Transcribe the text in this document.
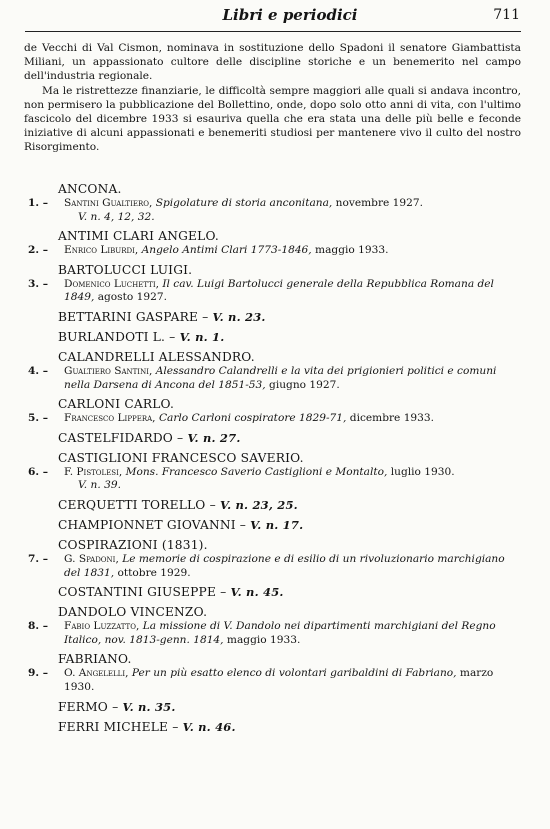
Libri e periodici	711

de Vecchi di Val Cismon, nominava in sostituzione dello Spadoni il senatore Giambattista Miliani, un appassionato cultore delle discipline storiche e un benemerito nel campo dell'industria regionale.

Ma le ristrettezze finanziarie, le difficoltà sempre maggiori alle quali si andava incontro, non permisero la pubblicazione del Bollettino, onde, dopo solo otto anni di vita, con l'ultimo fascicolo del dicembre 1933 si esauriva quella che era stata una delle più belle e feconde iniziative di alcuni appassionati e benemeriti studiosi per mantenere vivo il culto del nostro Risorgimento.

ANCONA.
1. – Santini Gualtiero, Spigolature di storia anconitana, novembre 1927.
V. n. 4, 12, 32.
ANTIMI CLARI ANGELO.
2. – Enrico Liburdi, Angelo Antimi Clari 1773-1846, maggio 1933.
BARTOLUCCI LUIGI.
3. – Domenico Luchetti, Il cav. Luigi Bartolucci generale della Repubblica Romana del 1849, agosto 1927.
BETTARINI GASPARE – V. n. 23.
BURLANDOTI L. – V. n. 1.
CALANDRELLI ALESSANDRO.
4. – Gualtiero Santini, Alessandro Calandrelli e la vita dei prigionieri politici e comuni nella Darsena di Ancona del 1851-53, giugno 1927.
CARLONI CARLO.
5. – Francesco Lippera, Carlo Carloni cospiratore 1829-71, dicembre 1933.
CASTELFIDARDO – V. n. 27.
CASTIGLIONI FRANCESCO SAVERIO.
6. – F. Pistolesi, Mons. Francesco Saverio Castiglioni e Montalto, luglio 1930.
V. n. 39.
CERQUETTI TORELLO – V. n. 23, 25.
CHAMPIONNET GIOVANNI – V. n. 17.
COSPIRAZIONI (1831).
7. – G. Spadoni, Le memorie di cospirazione e di esilio di un rivoluzionario marchigiano del 1831, ottobre 1929.
COSTANTINI GIUSEPPE – V. n. 45.
DANDOLO VINCENZO.
8. – Fabio Luzzatto, La missione di V. Dandolo nei dipartimenti marchigiani del Regno Italico, nov. 1813-genn. 1814, maggio 1933.
FABRIANO.
9. – O. Angelelli, Per un più esatto elenco di volontari garibaldini di Fabriano, marzo 1930.
FERMO – V. n. 35.
FERRI MICHELE – V. n. 46.
